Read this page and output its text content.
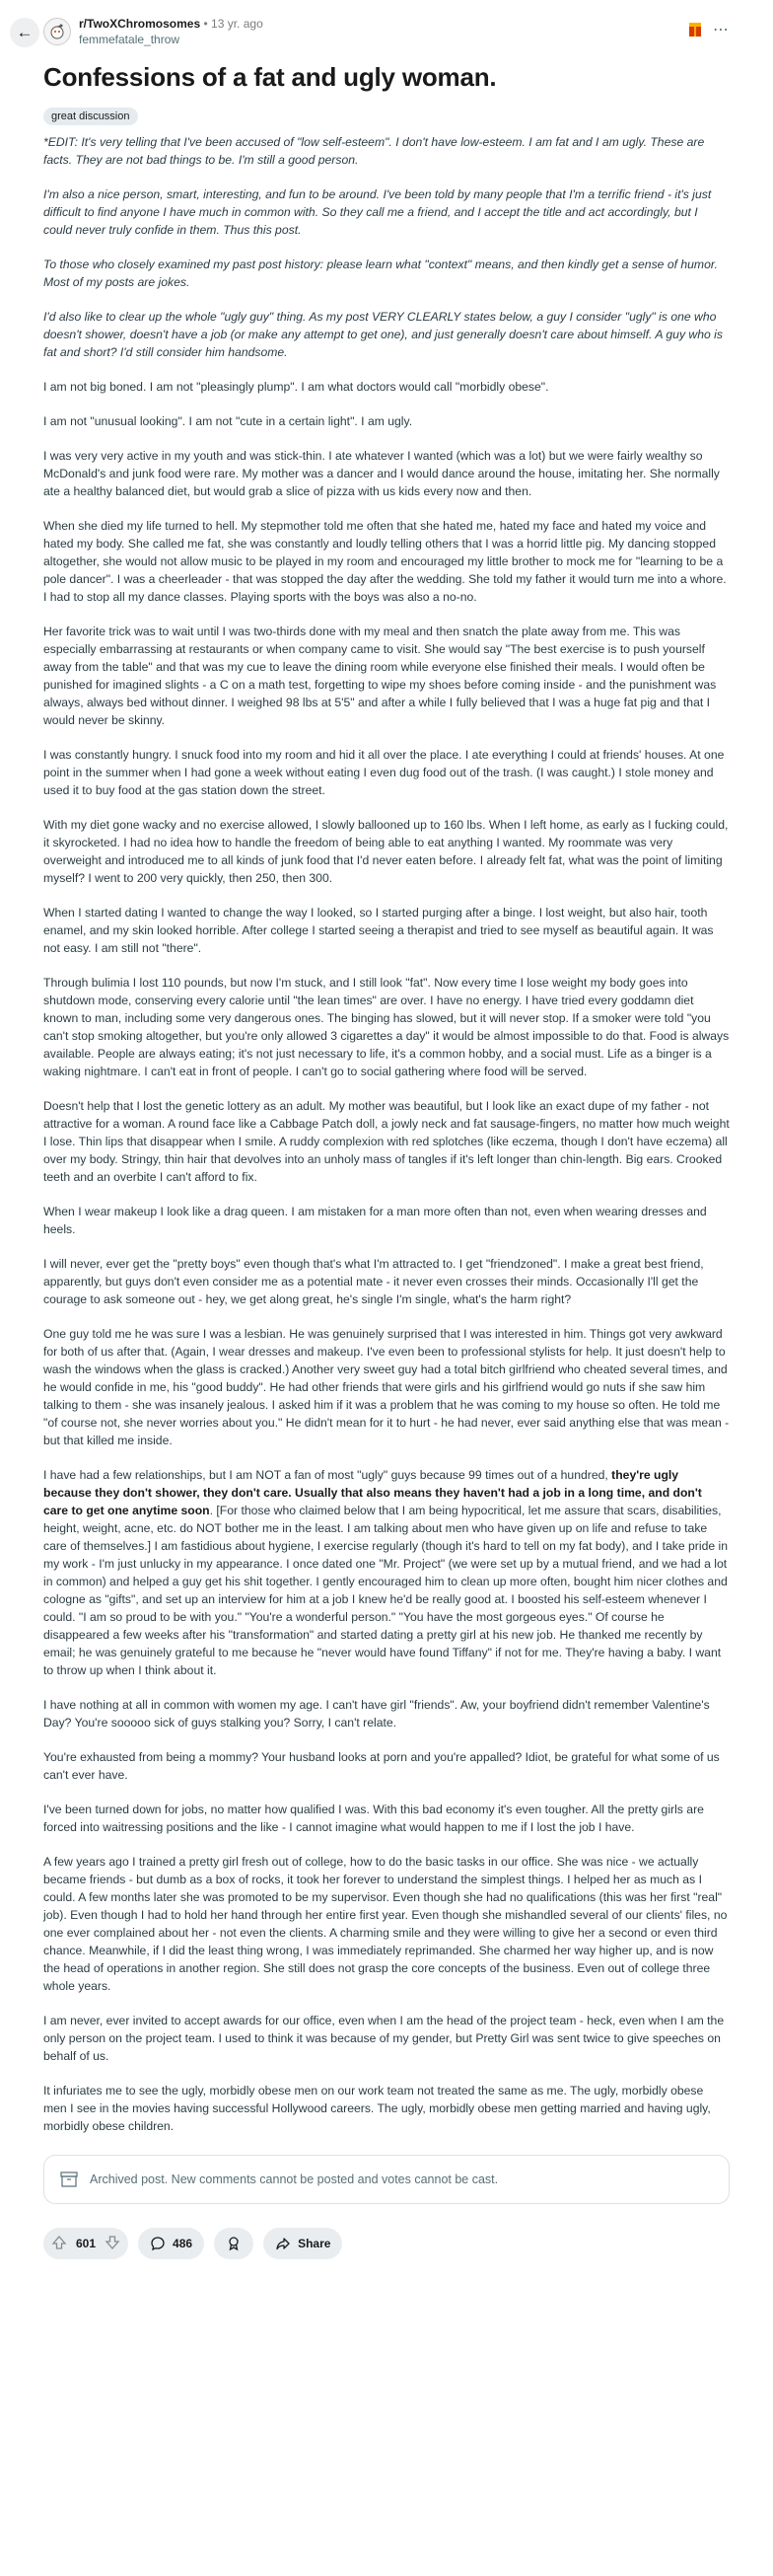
←	r/TwoXChromosomes • 13 yr. ago
femmefatale_throw
⋯
Confessions of a fat and ugly woman.
great discussion

*EDIT: It's very telling that I've been accused of "low self-esteem". I don't have low-esteem. I am fat and I am ugly. These are facts. They are not bad things to be. I'm still a good person.

I'm also a nice person, smart, interesting, and fun to be around. I've been told by many people that I'm a terrific friend - it's just difficult to find anyone I have much in common with. So they call me a friend, and I accept the title and act accordingly, but I could never truly confide in them. Thus this post.

To those who closely examined my past post history: please learn what "context" means, and then kindly get a sense of humor. Most of my posts are jokes.

I'd also like to clear up the whole "ugly guy" thing. As my post VERY CLEARLY states below, a guy I consider "ugly" is one who doesn't shower, doesn't have a job (or make any attempt to get one), and just generally doesn't care about himself. A guy who is fat and short? I'd still consider him handsome.

I am not big boned. I am not "pleasingly plump". I am what doctors would call "morbidly obese".

I am not "unusual looking". I am not "cute in a certain light". I am ugly.

I was very very active in my youth and was stick-thin. I ate whatever I wanted (which was a lot) but we were fairly wealthy so McDonald's and junk food were rare. My mother was a dancer and I would dance around the house, imitating her. She normally ate a healthy balanced diet, but would grab a slice of pizza with us kids every now and then.

When she died my life turned to hell. My stepmother told me often that she hated me, hated my face and hated my voice and hated my body. She called me fat, she was constantly and loudly telling others that I was a horrid little pig. My dancing stopped altogether, she would not allow music to be played in my room and encouraged my little brother to mock me for "learning to be a pole dancer". I was a cheerleader - that was stopped the day after the wedding. She told my father it would turn me into a whore. I had to stop all my dance classes. Playing sports with the boys was also a no-no.

Her favorite trick was to wait until I was two-thirds done with my meal and then snatch the plate away from me. This was especially embarrassing at restaurants or when company came to visit. She would say "The best exercise is to push yourself away from the table" and that was my cue to leave the dining room while everyone else finished their meals. I would often be punished for imagined slights - a C on a math test, forgetting to wipe my shoes before coming inside - and the punishment was always, always bed without dinner. I weighed 98 lbs at 5'5" and after a while I fully believed that I was a huge fat pig and that I would never be skinny.

I was constantly hungry. I snuck food into my room and hid it all over the place. I ate everything I could at friends' houses. At one point in the summer when I had gone a week without eating I even dug food out of the trash. (I was caught.) I stole money and used it to buy food at the gas station down the street.

With my diet gone wacky and no exercise allowed, I slowly ballooned up to 160 lbs. When I left home, as early as I fucking could, it skyrocketed. I had no idea how to handle the freedom of being able to eat anything I wanted. My roommate was very overweight and introduced me to all kinds of junk food that I'd never eaten before. I already felt fat, what was the point of limiting myself? I went to 200 very quickly, then 250, then 300.

When I started dating I wanted to change the way I looked, so I started purging after a binge. I lost weight, but also hair, tooth enamel, and my skin looked horrible. After college I started seeing a therapist and tried to see myself as beautiful again. It was not easy. I am still not "there".

Through bulimia I lost 110 pounds, but now I'm stuck, and I still look "fat". Now every time I lose weight my body goes into shutdown mode, conserving every calorie until "the lean times" are over. I have no energy. I have tried every goddamn diet known to man, including some very dangerous ones. The binging has slowed, but it will never stop. If a smoker were told "you can't stop smoking altogether, but you're only allowed 3 cigarettes a day" it would be almost impossible to do that. Food is always available. People are always eating; it's not just necessary to life, it's a common hobby, and a social must. Life as a binger is a waking nightmare. I can't eat in front of people. I can't go to social gathering where food will be served.

Doesn't help that I lost the genetic lottery as an adult. My mother was beautiful, but I look like an exact dupe of my father - not attractive for a woman. A round face like a Cabbage Patch doll, a jowly neck and fat sausage-fingers, no matter how much weight I lose. Thin lips that disappear when I smile. A ruddy complexion with red splotches (like eczema, though I don't have eczema) all over my body. Stringy, thin hair that devolves into an unholy mass of tangles if it's left longer than chin-length. Big ears. Crooked teeth and an overbite I can't afford to fix.

When I wear makeup I look like a drag queen. I am mistaken for a man more often than not, even when wearing dresses and heels.

I will never, ever get the "pretty boys" even though that's what I'm attracted to. I get "friendzoned". I make a great best friend, apparently, but guys don't even consider me as a potential mate - it never even crosses their minds. Occasionally I'll get the courage to ask someone out - hey, we get along great, he's single I'm single, what's the harm right?

One guy told me he was sure I was a lesbian. He was genuinely surprised that I was interested in him. Things got very awkward for both of us after that. (Again, I wear dresses and makeup. I've even been to professional stylists for help. It just doesn't help to wash the windows when the glass is cracked.) Another very sweet guy had a total bitch girlfriend who cheated several times, and he would confide in me, his "good buddy". He had other friends that were girls and his girlfriend would go nuts if she saw him talking to them - she was insanely jealous. I asked him if it was a problem that he was coming to my house so often. He told me "of course not, she never worries about you." He didn't mean for it to hurt - he had never, ever said anything else that was mean - but that killed me inside.

I have had a few relationships, but I am NOT a fan of most "ugly" guys because 99 times out of a hundred, they're ugly because they don't shower, they don't care. Usually that also means they haven't had a job in a long time, and don't care to get one anytime soon. [For those who claimed below that I am being hypocritical, let me assure that scars, disabilities, height, weight, acne, etc. do NOT bother me in the least. I am talking about men who have given up on life and refuse to take care of themselves.] I am fastidious about hygiene, I exercise regularly (though it's hard to tell on my fat body), and I take pride in my work - I'm just unlucky in my appearance. I once dated one "Mr. Project" (we were set up by a mutual friend, and we had a lot in common) and helped a guy get his shit together. I gently encouraged him to clean up more often, bought him nicer clothes and cologne as "gifts", and set up an interview for him at a job I knew he'd be really good at. I boosted his self-esteem whenever I could. "I am so proud to be with you." "You're a wonderful person." "You have the most gorgeous eyes." Of course he disappeared a few weeks after his "transformation" and started dating a pretty girl at his new job. He thanked me recently by email; he was genuinely grateful to me because he "never would have found Tiffany" if not for me. They're having a baby. I want to throw up when I think about it.

I have nothing at all in common with women my age. I can't have girl "friends". Aw, your boyfriend didn't remember Valentine's Day? You're sooooo sick of guys stalking you? Sorry, I can't relate.

You're exhausted from being a mommy? Your husband looks at porn and you're appalled? Idiot, be grateful for what some of us can't ever have.

I've been turned down for jobs, no matter how qualified I was. With this bad economy it's even tougher. All the pretty girls are forced into waitressing positions and the like - I cannot imagine what would happen to me if I lost the job I have.

A few years ago I trained a pretty girl fresh out of college, how to do the basic tasks in our office. She was nice - we actually became friends - but dumb as a box of rocks, it took her forever to understand the simplest things. I helped her as much as I could. A few months later she was promoted to be my supervisor. Even though she had no qualifications (this was her first "real" job). Even though I had to hold her hand through her entire first year. Even though she mishandled several of our clients' files, no one ever complained about her - not even the clients. A charming smile and they were willing to give her a second or even third chance. Meanwhile, if I did the least thing wrong, I was immediately reprimanded. She charmed her way higher up, and is now the head of operations in another region. She still does not grasp the core concepts of the business. Even out of college three whole years.

I am never, ever invited to accept awards for our office, even when I am the head of the project team - heck, even when I am the only person on the project team. I used to think it was because of my gender, but Pretty Girl was sent twice to give speeches on behalf of us.

It infuriates me to see the ugly, morbidly obese men on our work team not treated the same as me. The ugly, morbidly obese men I see in the movies having successful Hollywood careers. The ugly, morbidly obese men getting married and having ugly, morbidly obese children.

Archived post. New comments cannot be posted and votes cannot be cast.
601	486	Share
